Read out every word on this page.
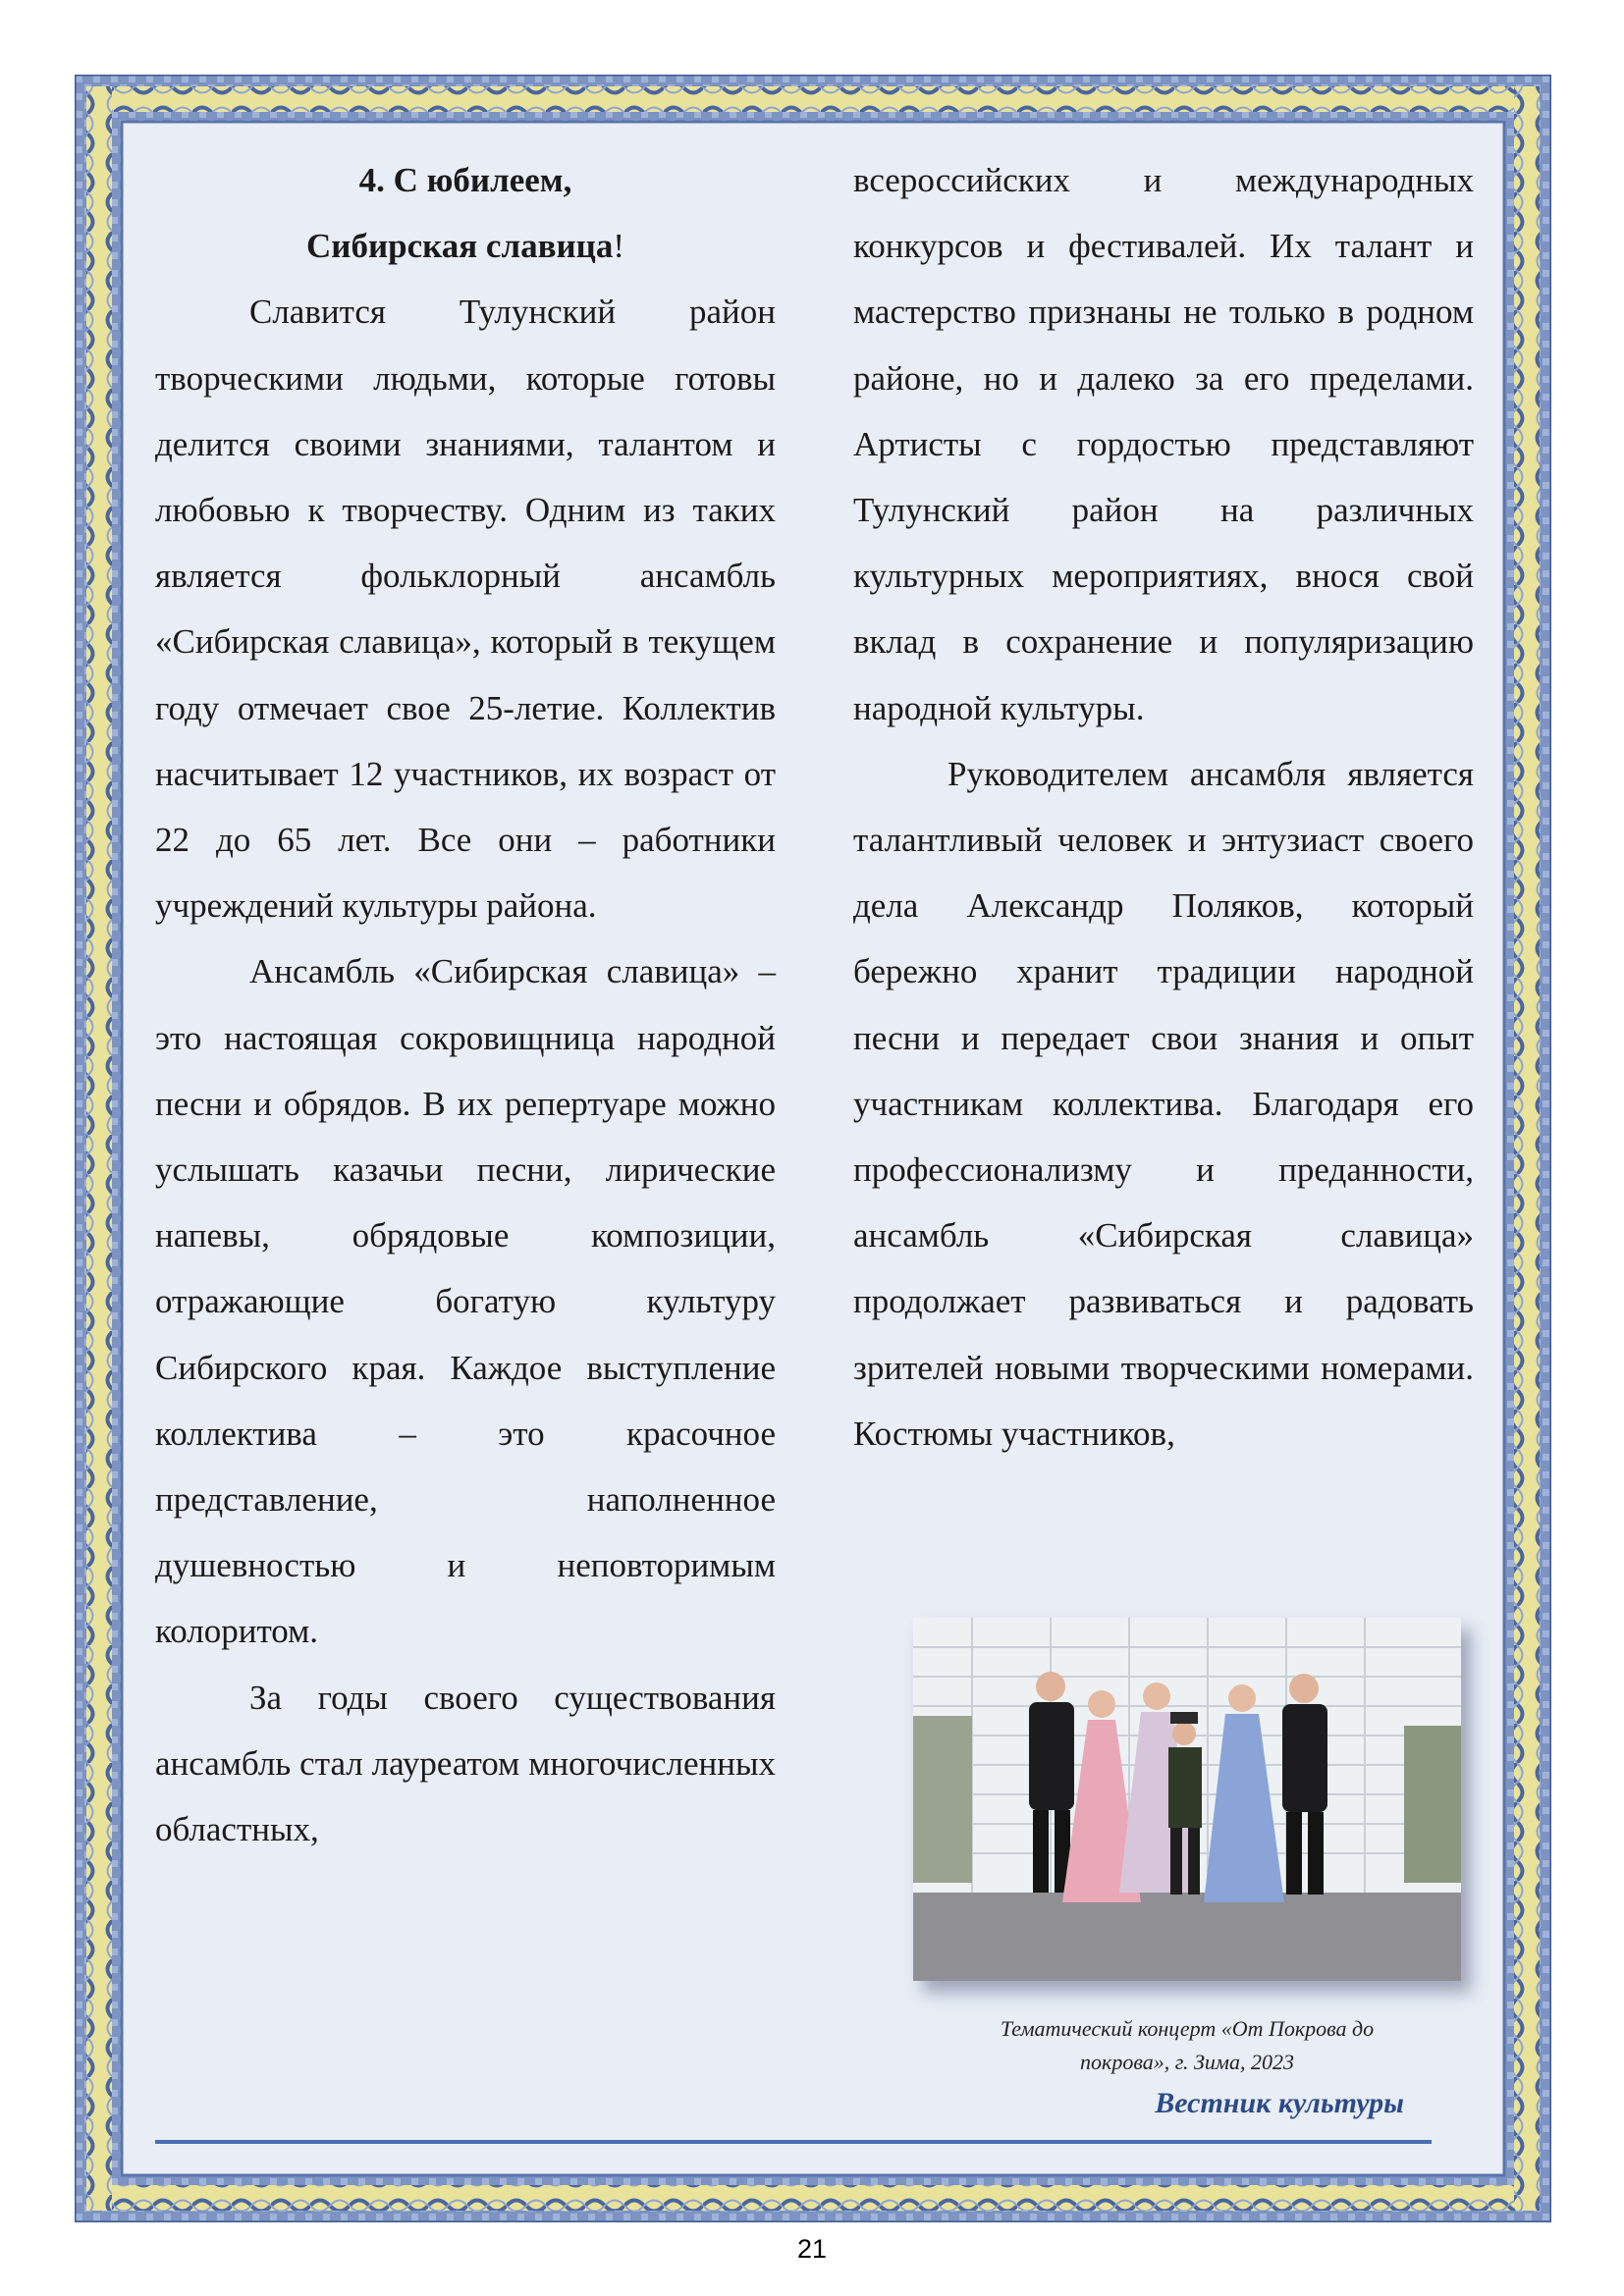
4. С юбилеем,

Сибирская славица!

Славится Тулунский район творческими людьми, которые готовы делится своими знаниями, талантом и любовью к творчеству. Одним из таких является фольклорный ансамбль «Сибирская славица», который в текущем году отмечает свое 25-летие. Коллектив насчитывает 12 участников, их возраст от 22 до 65 лет. Все они – работники учреждений культуры района.

Ансамбль «Сибирская славица» – это настоящая сокровищница народной песни и обрядов. В их репертуаре можно услышать казачьи песни, лирические напевы, обрядовые композиции, отражающие богатую культуру Сибирского края. Каждое выступление коллектива – это красочное представление, наполненное душевностью и неповторимым колоритом.

За годы своего существования ансамбль стал лауреатом многочисленных областных,

всероссийских и международных конкурсов и фестивалей. Их талант и мастерство признаны не только в родном районе, но и далеко за его пределами. Артисты с гордостью представляют Тулунский район на различных культурных мероприятиях, внося свой вклад в сохранение и популяризацию народной культуры.

Руководителем ансамбля является талантливый человек и энтузиаст своего дела Александр Поляков, который бережно хранит традиции народной песни и передает свои знания и опыт участникам коллектива. Благодаря его профессионализму и преданности, ансамбль «Сибирская славица» продолжает развиваться и радовать зрителей новыми творческими номерами. Костюмы участников,

Тематический концерт «От Покрова до
покрова», г. Зима, 2023
Вестник культуры
21
